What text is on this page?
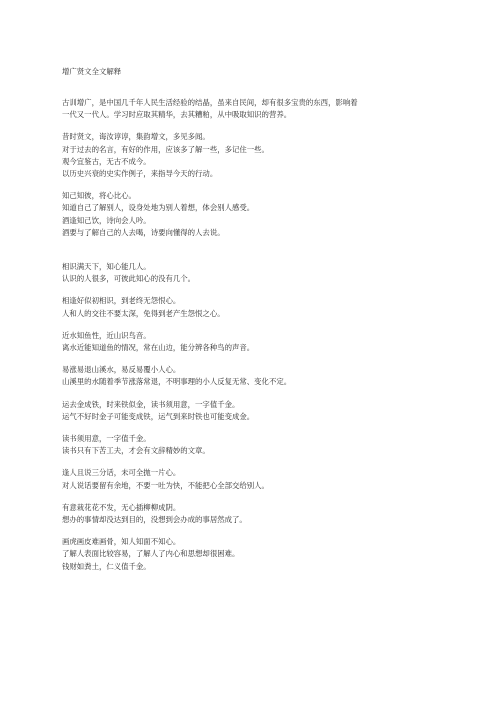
增广贤文全文解释
古训增广，是中国几千年人民生活经验的结晶，虽来自民间，却有很多宝贵的东西，影响着
一代又一代人。学习时应取其精华，去其糟粕，从中吸取知识的营养。
昔时贤文，诲汝谆谆，集韵增文，多见多闻。
对于过去的名言，有好的作用，应该多了解一些，多记住一些。
观今宜鉴古，无古不成今。
以历史兴衰的史实作例子，来指导今天的行动。
知己知彼，将心比心。
知道自己了解别人，设身处地为别人着想，体会别人感受。
酒逢知己饮，诗向会人吟。
酒要与了解自己的人去喝，诗要向懂得的人去说。
相识满天下，知心能几人。
认识的人很多，可彼此知心的没有几个。
相逢好似初相识，到老终无怨恨心。
人和人的交往不要太深，免得到老产生怨恨之心。
近水知鱼性，近山识鸟音。
离水近能知道鱼的情况，常在山边，能分辨各种鸟的声音。
易涨易退山溪水，易反易覆小人心。
山溪里的水随着季节涨落常退，不明事理的小人反复无常、变化不定。
运去金成铁，时来铁似金，读书须用意，一字值千金。
运气不好时金子可能变成铁，运气到来时铁也可能变成金。
读书须用意，一字值千金。
读书只有下苦工夫，才会有文辞精妙的文章。
逢人且说三分话，未可全抛一片心。
对人说话要留有余地，不要一吐为快，不能把心全部交给别人。
有意栽花花不发，无心插柳柳成阴。
想办的事情却没达到目的，没想到会办成的事居然成了。
画虎画皮难画骨，知人知面不知心。
了解人表面比较容易，了解人了内心和思想却很困难。
钱财如粪土，仁义值千金。
